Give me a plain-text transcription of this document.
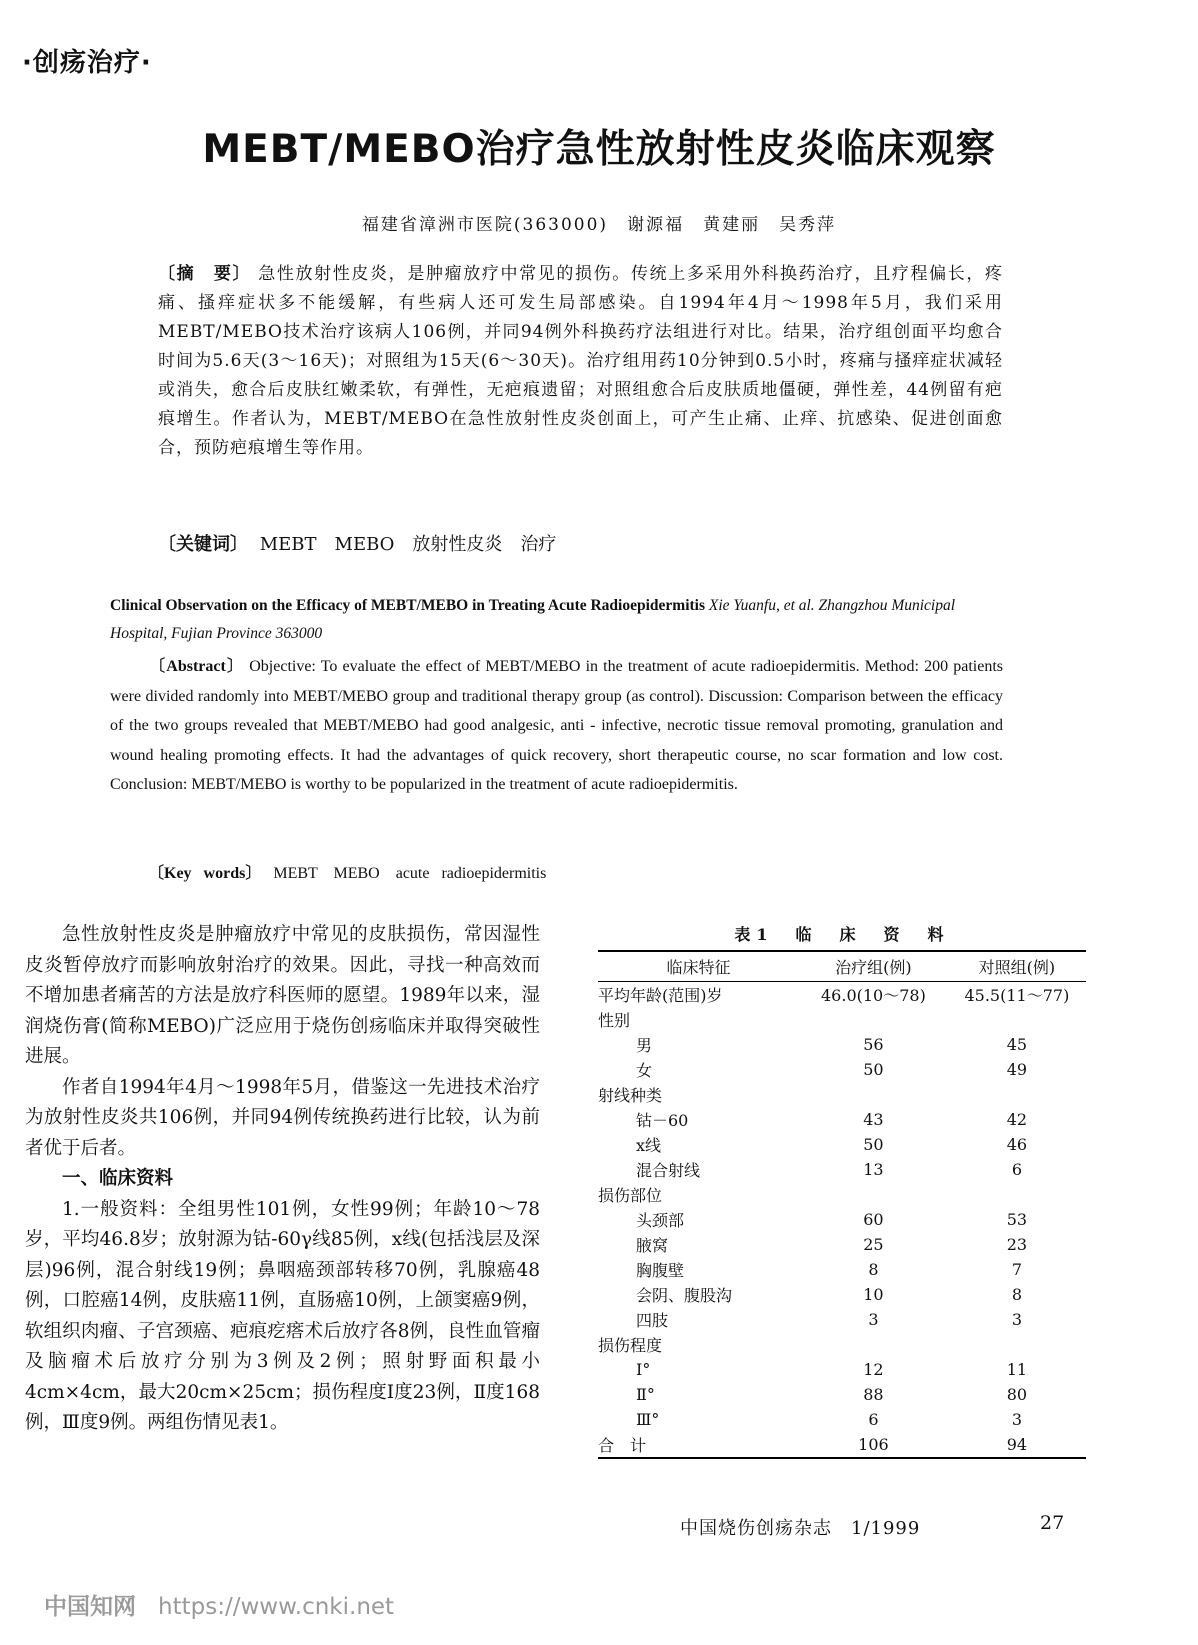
·创疡治疗·
MEBT/MEBO治疗急性放射性皮炎临床观察
福建省漳洲市医院(363000)　谢源福　黄建丽　吴秀萍
〔摘　要〕 急性放射性皮炎，是肿瘤放疗中常见的损伤。传统上多采用外科换药治疗，且疗程偏长，疼痛、搔痒症状多不能缓解，有些病人还可发生局部感染。自1994年4月～1998年5月，我们采用MEBT/MEBO技术治疗该病人106例，并同94例外科换药疗法组进行对比。结果，治疗组创面平均愈合时间为5.6天(3～16天)；对照组为15天(6～30天)。治疗组用药10分钟到0.5小时，疼痛与搔痒症状减轻或消失，愈合后皮肤红嫩柔软，有弹性，无疤痕遗留；对照组愈合后皮肤质地僵硬，弹性差，44例留有疤痕增生。作者认为，MEBT/MEBO在急性放射性皮炎创面上，可产生止痛、止痒、抗感染、促进创面愈合，预防疤痕增生等作用。
〔关键词〕 MEBT　MEBO　放射性皮炎　治疗
Clinical Observation on the Efficacy of MEBT/MEBO in Treating Acute Radioepidermitis Xie Yuanfu, et al. Zhangzhou Municipal Hospital, Fujian Province 363000
〔Abstract〕 Objective: To evaluate the effect of MEBT/MEBO in the treatment of acute radioepidermitis. Method: 200 patients were divided randomly into MEBT/MEBO group and traditional therapy group (as control). Discussion: Comparison between the efficacy of the two groups revealed that MEBT/MEBO had good analgesic, anti - infective, necrotic tissue removal promoting, granulation and wound healing promoting effects. It had the advantages of quick recovery, short therapeutic course, no scar formation and low cost. Conclusion: MEBT/MEBO is worthy to be popularized in the treatment of acute radioepidermitis.
〔Key words〕 MEBT　MEBO　acute radioepidermitis

急性放射性皮炎是肿瘤放疗中常见的皮肤损伤，常因湿性皮炎暂停放疗而影响放射治疗的效果。因此，寻找一种高效而不增加患者痛苦的方法是放疗科医师的愿望。1989年以来，湿润烧伤膏(简称MEBO)广泛应用于烧伤创疡临床并取得突破性进展。

作者自1994年4月～1998年5月，借鉴这一先进技术治疗为放射性皮炎共106例，并同94例传统换药进行比较，认为前者优于后者。

一、临床资料

1.一般资料：全组男性101例，女性99例；年龄10～78岁，平均46.8岁；放射源为钴-60γ线85例，x线(包括浅层及深层)96例，混合射线19例；鼻咽癌颈部转移70例，乳腺癌48例，口腔癌14例，皮肤癌11例，直肠癌10例，上颌窦癌9例，软组织肉瘤、子宫颈癌、疤痕疙瘩术后放疗各8例，良性血管瘤及脑瘤术后放疗分别为3例及2例；照射野面积最小4cm×4cm，最大20cm×25cm；损伤程度Ⅰ度23例，Ⅱ度168例，Ⅲ度9例。两组伤情见表1。

表1　临　床　资　料
临床特征	治疗组(例)	对照组(例)
平均年龄(范围)岁	46.0(10～78)	45.5(11～77)
性别		
男	56	45
女	50	49
射线种类		
钴－60	43	42
x线	50	46
混合射线	13	6
损伤部位		
头颈部	60	53
腋窝	25	23
胸腹壁	8	7
会阴、腹股沟	10	8
四肢	3	3
损伤程度		
Ⅰ°	12	11
Ⅱ°	88	80
Ⅲ°	6	3
合　计	106	94
中国烧伤创疡杂志　1/1999	27
中国知网 https://www.cnki.net
